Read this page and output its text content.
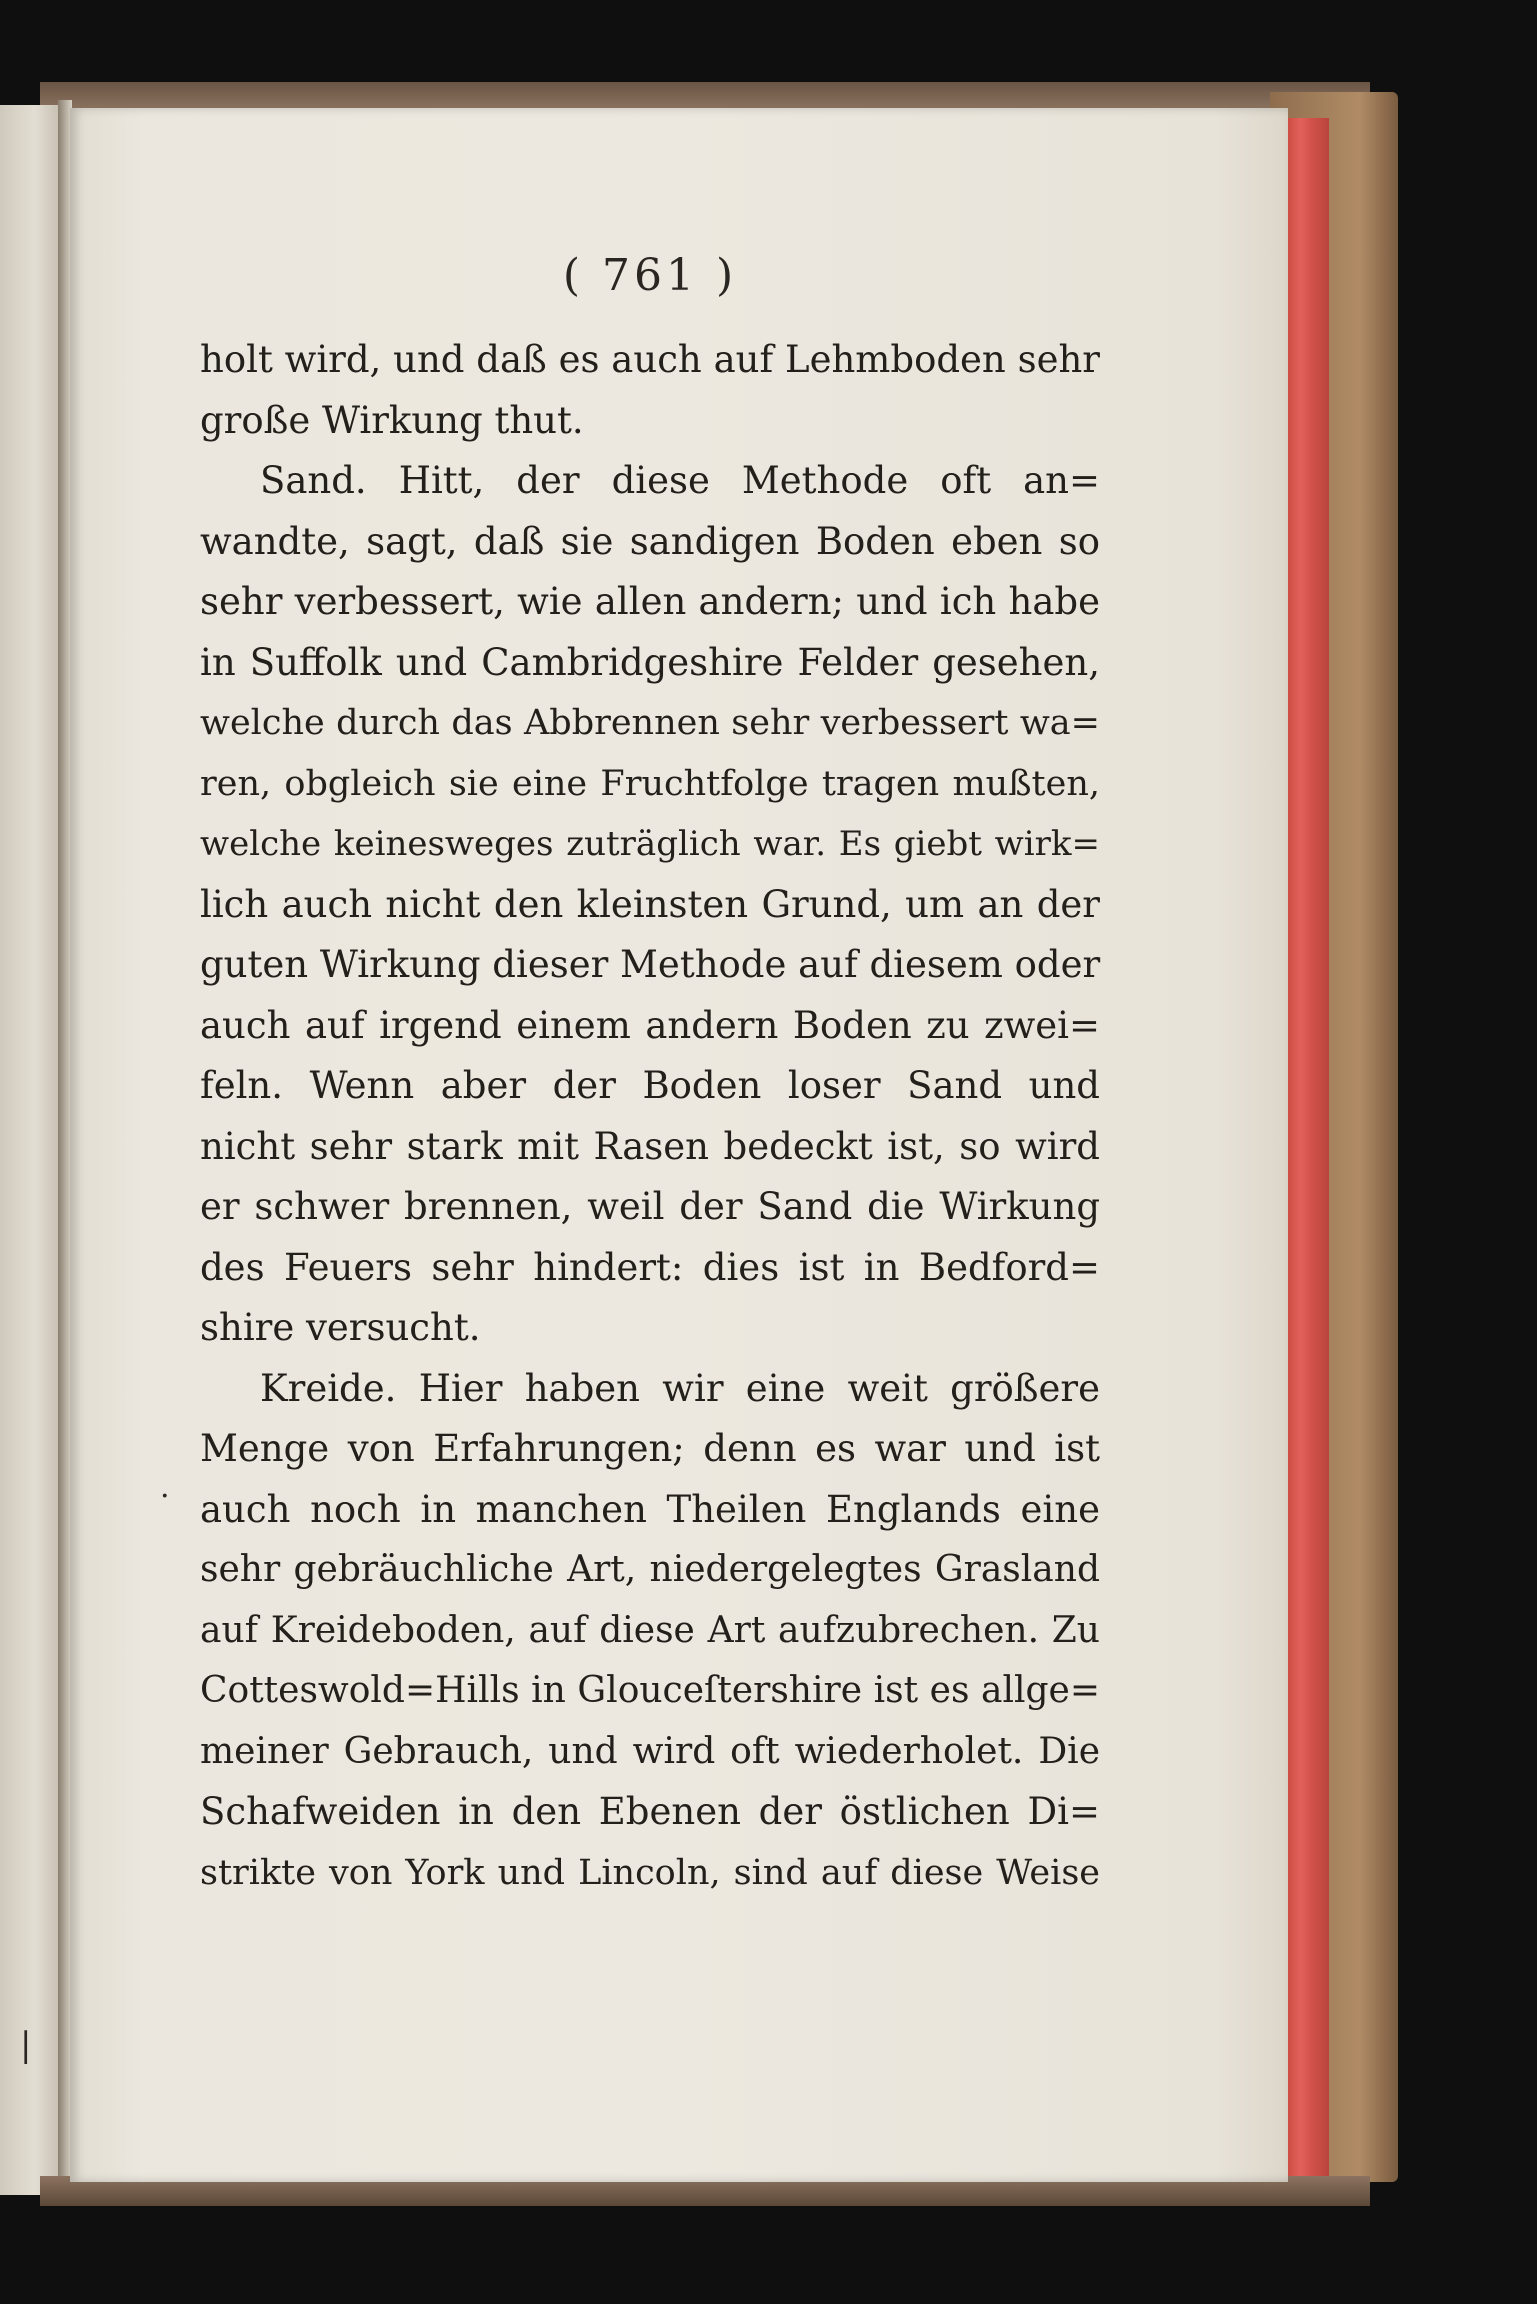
( 761 )
holt wird, und daß es auch auf Lehmboden sehr
große Wirkung thut.
Sand. Hitt, der diese Methode oft an=
wandte, sagt, daß sie sandigen Boden eben so
sehr verbessert, wie allen andern; und ich habe
in Suffolk und Cambridgeshire Felder gesehen,
welche durch das Abbrennen sehr verbessert wa=
ren, obgleich sie eine Fruchtfolge tragen mußten,
welche keinesweges zuträglich war. Es giebt wirk=
lich auch nicht den kleinsten Grund, um an der
guten Wirkung dieser Methode auf diesem oder
auch auf irgend einem andern Boden zu zwei=
feln. Wenn aber der Boden loser Sand und
nicht sehr stark mit Rasen bedeckt ist, so wird
er schwer brennen, weil der Sand die Wirkung
des Feuers sehr hindert: dies ist in Bedford=
shire versucht.
Kreide. Hier haben wir eine weit größere
Menge von Erfahrungen; denn es war und ist
auch noch in manchen Theilen Englands eine
sehr gebräuchliche Art, niedergelegtes Grasland
auf Kreideboden, auf diese Art aufzubrechen. Zu
Cotteswold=Hills in Glouceſtershire ist es allge=
meiner Gebrauch, und wird oft wiederholet. Die
Schafweiden in den Ebenen der östlichen Di=
strikte von York und Lincoln, sind auf diese Weise
|
.
